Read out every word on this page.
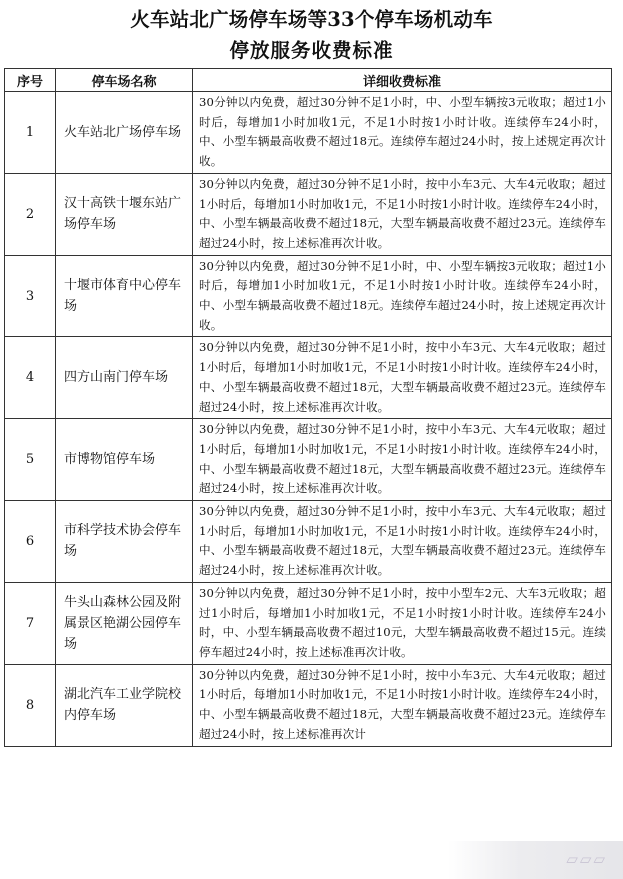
火车站北广场停车场等33个停车场机动车
停放服务收费标准
序号	停车场名称	详细收费标准
1	火车站北广场停车场	30分钟以内免费，超过30分钟不足1小时，中、小型车辆按3元收取；超过1小时后，每增加1小时加收1元，不足1小时按1小时计收。连续停车24小时，中、小型车辆最高收费不超过18元。连续停车超过24小时，按上述规定再次计收。
2	汉十高铁十堰东站广场停车场	30分钟以内免费，超过30分钟不足1小时，按中小车3元、大车4元收取；超过1小时后，每增加1小时加收1元，不足1小时按1小时计收。连续停车24小时，中、小型车辆最高收费不超过18元，大型车辆最高收费不超过23元。连续停车超过24小时，按上述标准再次计收。
3	十堰市体育中心停车场	30分钟以内免费，超过30分钟不足1小时，中、小型车辆按3元收取；超过1小时后，每增加1小时加收1元，不足1小时按1小时计收。连续停车24小时，中、小型车辆最高收费不超过18元。连续停车超过24小时，按上述规定再次计收。
4	四方山南门停车场	30分钟以内免费，超过30分钟不足1小时，按中小车3元、大车4元收取；超过1小时后，每增加1小时加收1元，不足1小时按1小时计收。连续停车24小时，中、小型车辆最高收费不超过18元，大型车辆最高收费不超过23元。连续停车超过24小时，按上述标准再次计收。
5	市博物馆停车场	30分钟以内免费，超过30分钟不足1小时，按中小车3元、大车4元收取；超过1小时后，每增加1小时加收1元，不足1小时按1小时计收。连续停车24小时，中、小型车辆最高收费不超过18元，大型车辆最高收费不超过23元。连续停车超过24小时，按上述标准再次计收。
6	市科学技术协会停车场	30分钟以内免费，超过30分钟不足1小时，按中小车3元、大车4元收取；超过1小时后，每增加1小时加收1元，不足1小时按1小时计收。连续停车24小时，中、小型车辆最高收费不超过18元，大型车辆最高收费不超过23元。连续停车超过24小时，按上述标准再次计收。
7	牛头山森林公园及附属景区艳湖公园停车场	30分钟以内免费，超过30分钟不足1小时，按中小型车2元、大车3元收取；超过1小时后，每增加1小时加收1元，不足1小时按1小时计收。连续停车24小时，中、小型车辆最高收费不超过10元，大型车辆最高收费不超过15元。连续停车超过24小时，按上述标准再次计收。
8	湖北汽车工业学院校内停车场	30分钟以内免费，超过30分钟不足1小时，按中小车3元、大车4元收取；超过1小时后，每增加1小时加收1元，不足1小时按1小时计收。连续停车24小时，中、小型车辆最高收费不超过18元，大型车辆最高收费不超过23元。连续停车超过24小时，按上述标准再次计
▱▱▱
